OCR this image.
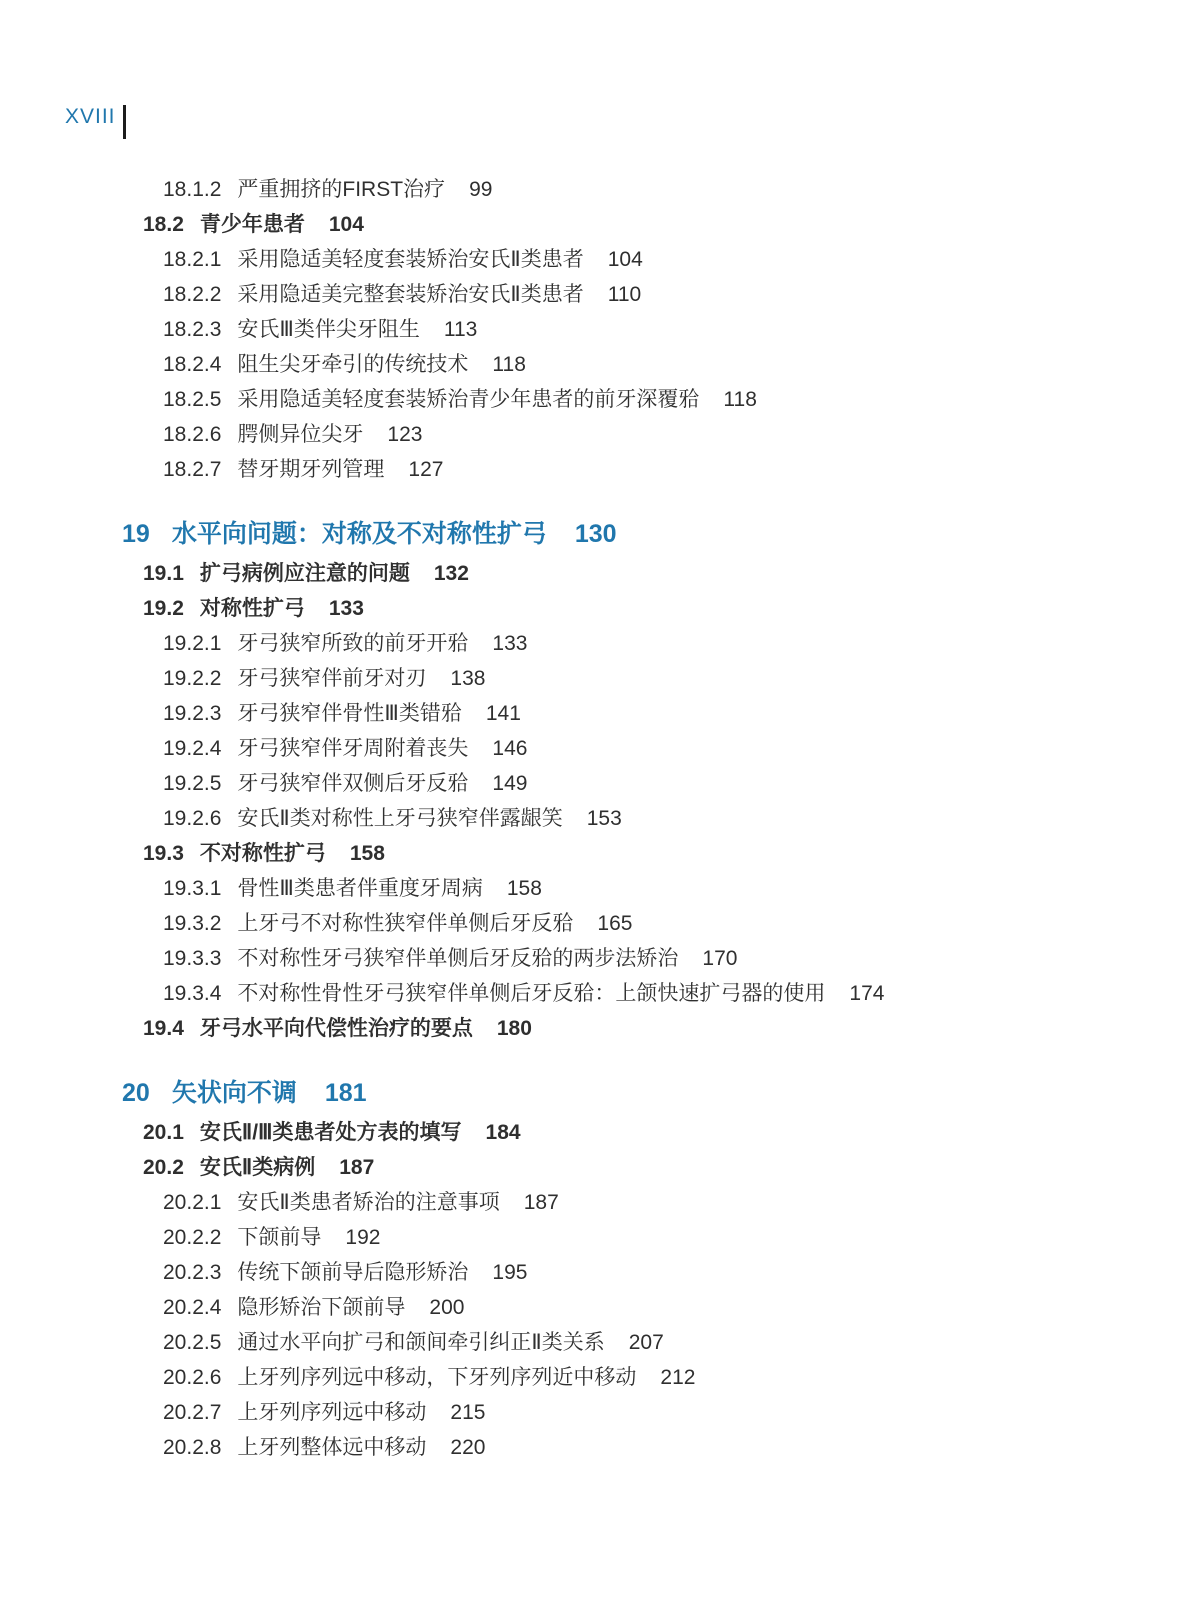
XVIII
18.1.2 严重拥挤的FIRST治疗 99
18.2 青少年患者 104
18.2.1 采用隐适美轻度套装矫治安氏Ⅱ类患者 104
18.2.2 采用隐适美完整套装矫治安氏Ⅱ类患者 110
18.2.3 安氏Ⅲ类伴尖牙阻生 113
18.2.4 阻生尖牙牵引的传统技术 118
18.2.5 采用隐适美轻度套装矫治青少年患者的前牙深覆𬌗 118
18.2.6 腭侧异位尖牙 123
18.2.7 替牙期牙列管理 127
19 水平向问题：对称及不对称性扩弓 130
19.1 扩弓病例应注意的问题 132
19.2 对称性扩弓 133
19.2.1 牙弓狭窄所致的前牙开𬌗 133
19.2.2 牙弓狭窄伴前牙对刃 138
19.2.3 牙弓狭窄伴骨性Ⅲ类错𬌗 141
19.2.4 牙弓狭窄伴牙周附着丧失 146
19.2.5 牙弓狭窄伴双侧后牙反𬌗 149
19.2.6 安氏Ⅱ类对称性上牙弓狭窄伴露龈笑 153
19.3 不对称性扩弓 158
19.3.1 骨性Ⅲ类患者伴重度牙周病 158
19.3.2 上牙弓不对称性狭窄伴单侧后牙反𬌗 165
19.3.3 不对称性牙弓狭窄伴单侧后牙反𬌗的两步法矫治 170
19.3.4 不对称性骨性牙弓狭窄伴单侧后牙反𬌗：上颌快速扩弓器的使用 174
19.4 牙弓水平向代偿性治疗的要点 180
20 矢状向不调 181
20.1 安氏Ⅱ/Ⅲ类患者处方表的填写 184
20.2 安氏Ⅱ类病例 187
20.2.1 安氏Ⅱ类患者矫治的注意事项 187
20.2.2 下颌前导 192
20.2.3 传统下颌前导后隐形矫治 195
20.2.4 隐形矫治下颌前导 200
20.2.5 通过水平向扩弓和颌间牵引纠正Ⅱ类关系 207
20.2.6 上牙列序列远中移动，下牙列序列近中移动 212
20.2.7 上牙列序列远中移动 215
20.2.8 上牙列整体远中移动 220
